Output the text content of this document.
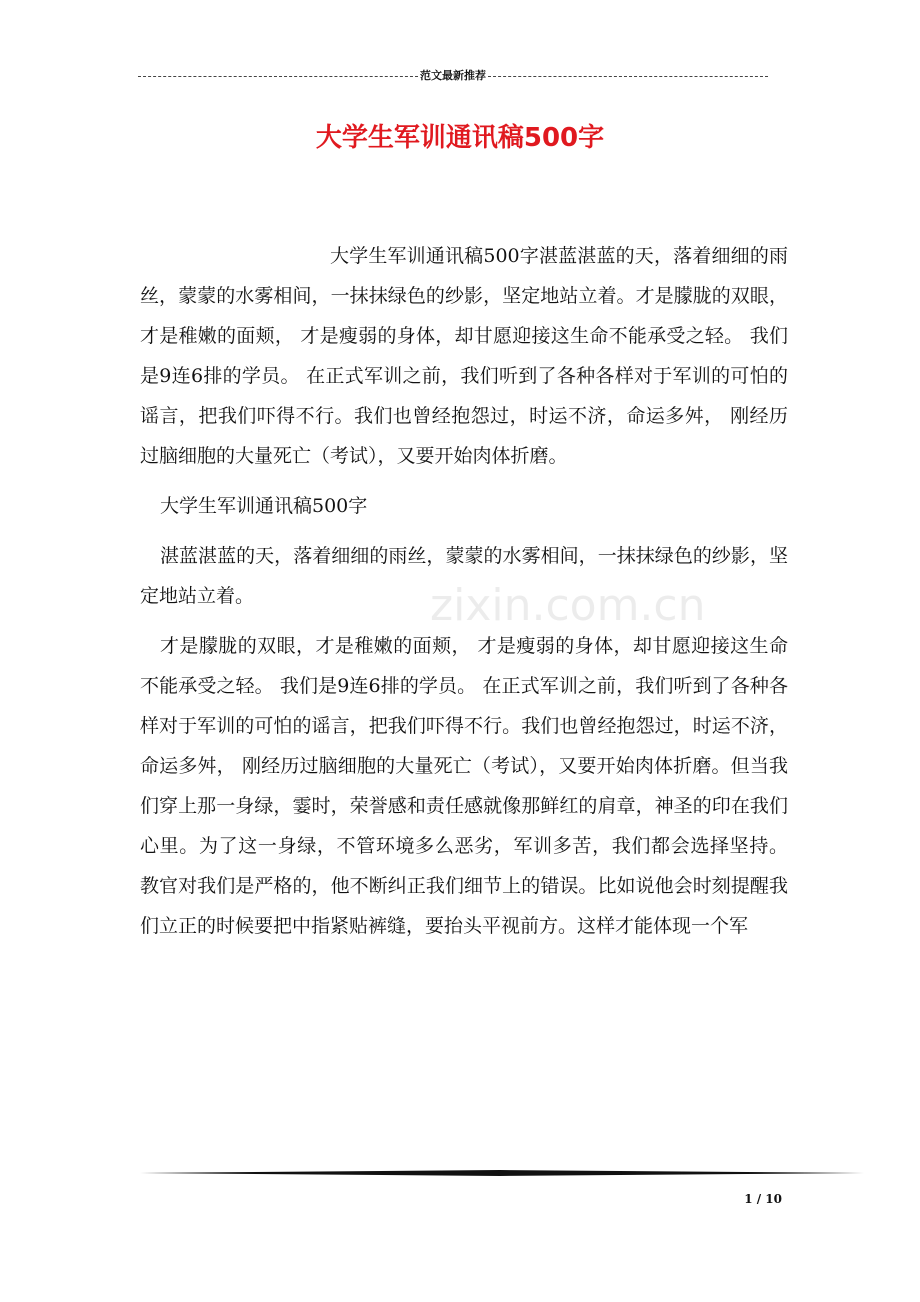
范文最新推荐
大学生军训通讯稿500字
zixin.com.cn

大学生军训通讯稿500字湛蓝湛蓝的天，落着细细的雨丝，蒙蒙的水雾相间，一抹抹绿色的纱影，坚定地站立着。才是朦胧的双眼，才是稚嫩的面颊， 才是瘦弱的身体，却甘愿迎接这生命不能承受之轻。 我们是9连6排的学员。 在正式军训之前，我们听到了各种各样对于军训的可怕的谣言，把我们吓得不行。我们也曾经抱怨过，时运不济，命运多舛， 刚经历过脑细胞的大量死亡（考试），又要开始肉体折磨。

大学生军训通讯稿500字

湛蓝湛蓝的天，落着细细的雨丝，蒙蒙的水雾相间，一抹抹绿色的纱影，坚定地站立着。

才是朦胧的双眼，才是稚嫩的面颊， 才是瘦弱的身体，却甘愿迎接这生命不能承受之轻。 我们是9连6排的学员。 在正式军训之前，我们听到了各种各样对于军训的可怕的谣言，把我们吓得不行。我们也曾经抱怨过，时运不济，命运多舛， 刚经历过脑细胞的大量死亡（考试），又要开始肉体折磨。但当我们穿上那一身绿，霎时，荣誉感和责任感就像那鲜红的肩章，神圣的印在我们心里。为了这一身绿，不管环境多么恶劣，军训多苦，我们都会选择坚持。 教官对我们是严格的，他不断纠正我们细节上的错误。比如说他会时刻提醒我们立正的时候要把中指紧贴裤缝，要抬头平视前方。这样才能体现一个军

1 / 10
